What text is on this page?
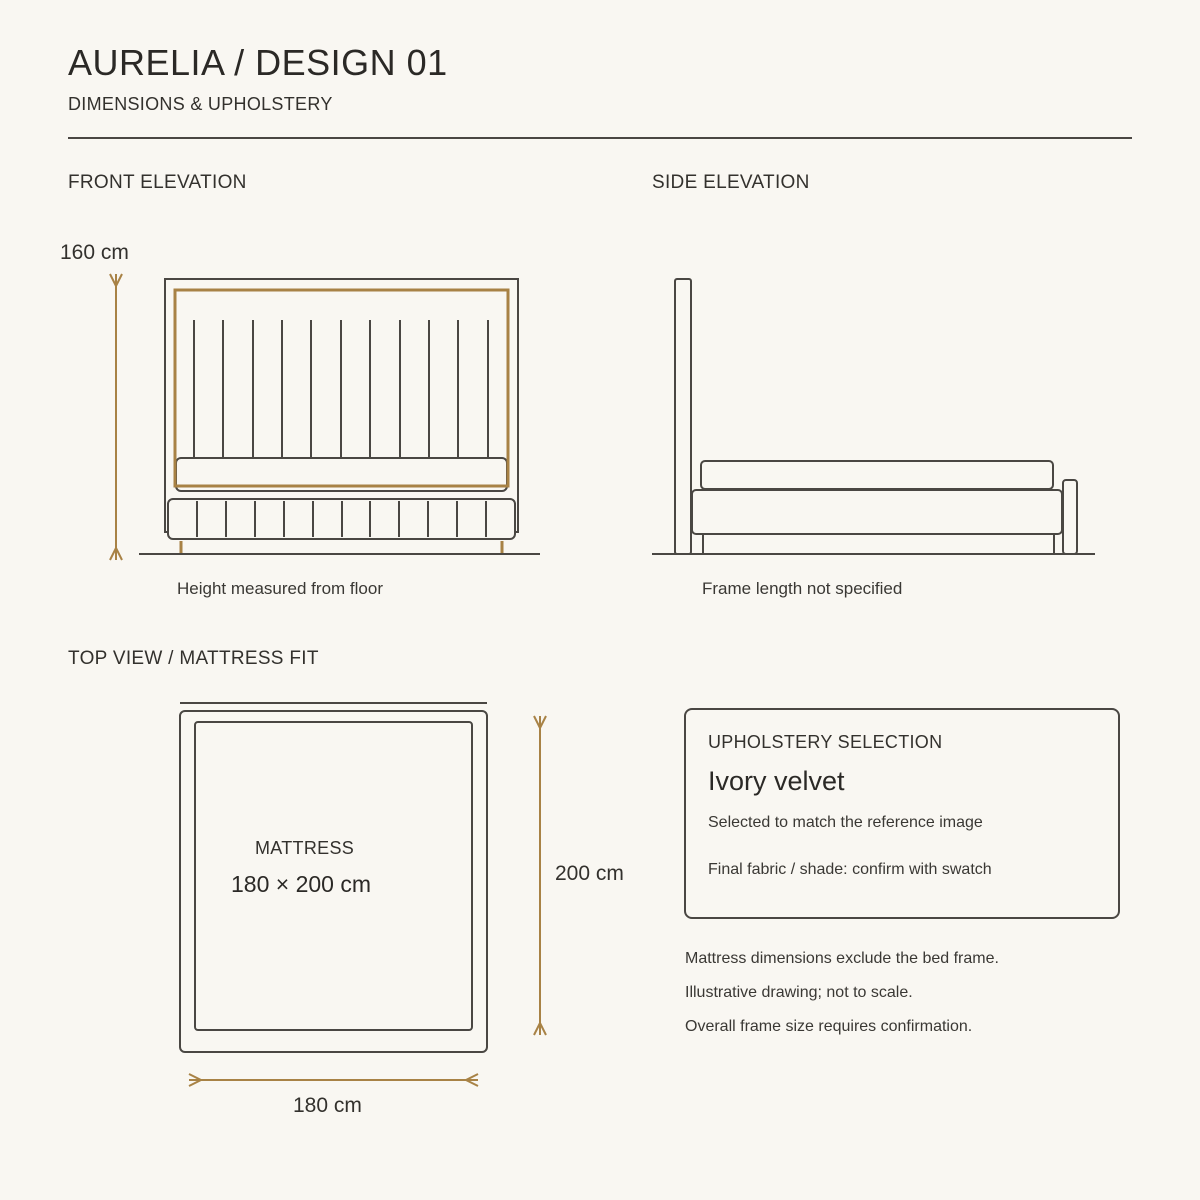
AURELIA / DESIGN 01
DIMENSIONS & UPHOLSTERY
FRONT ELEVATION
160 cm
Height measured from floor
SIDE ELEVATION
Frame length not specified
TOP VIEW / MATTRESS FIT
MATTRESS
180 × 200 cm	200 cm
180 cm
UPHOLSTERY SELECTION
Ivory velvet
Selected to match the reference image
Final fabric / shade: confirm with swatch
Mattress dimensions exclude the bed frame.
Illustrative drawing; not to scale.
Overall frame size requires confirmation.
